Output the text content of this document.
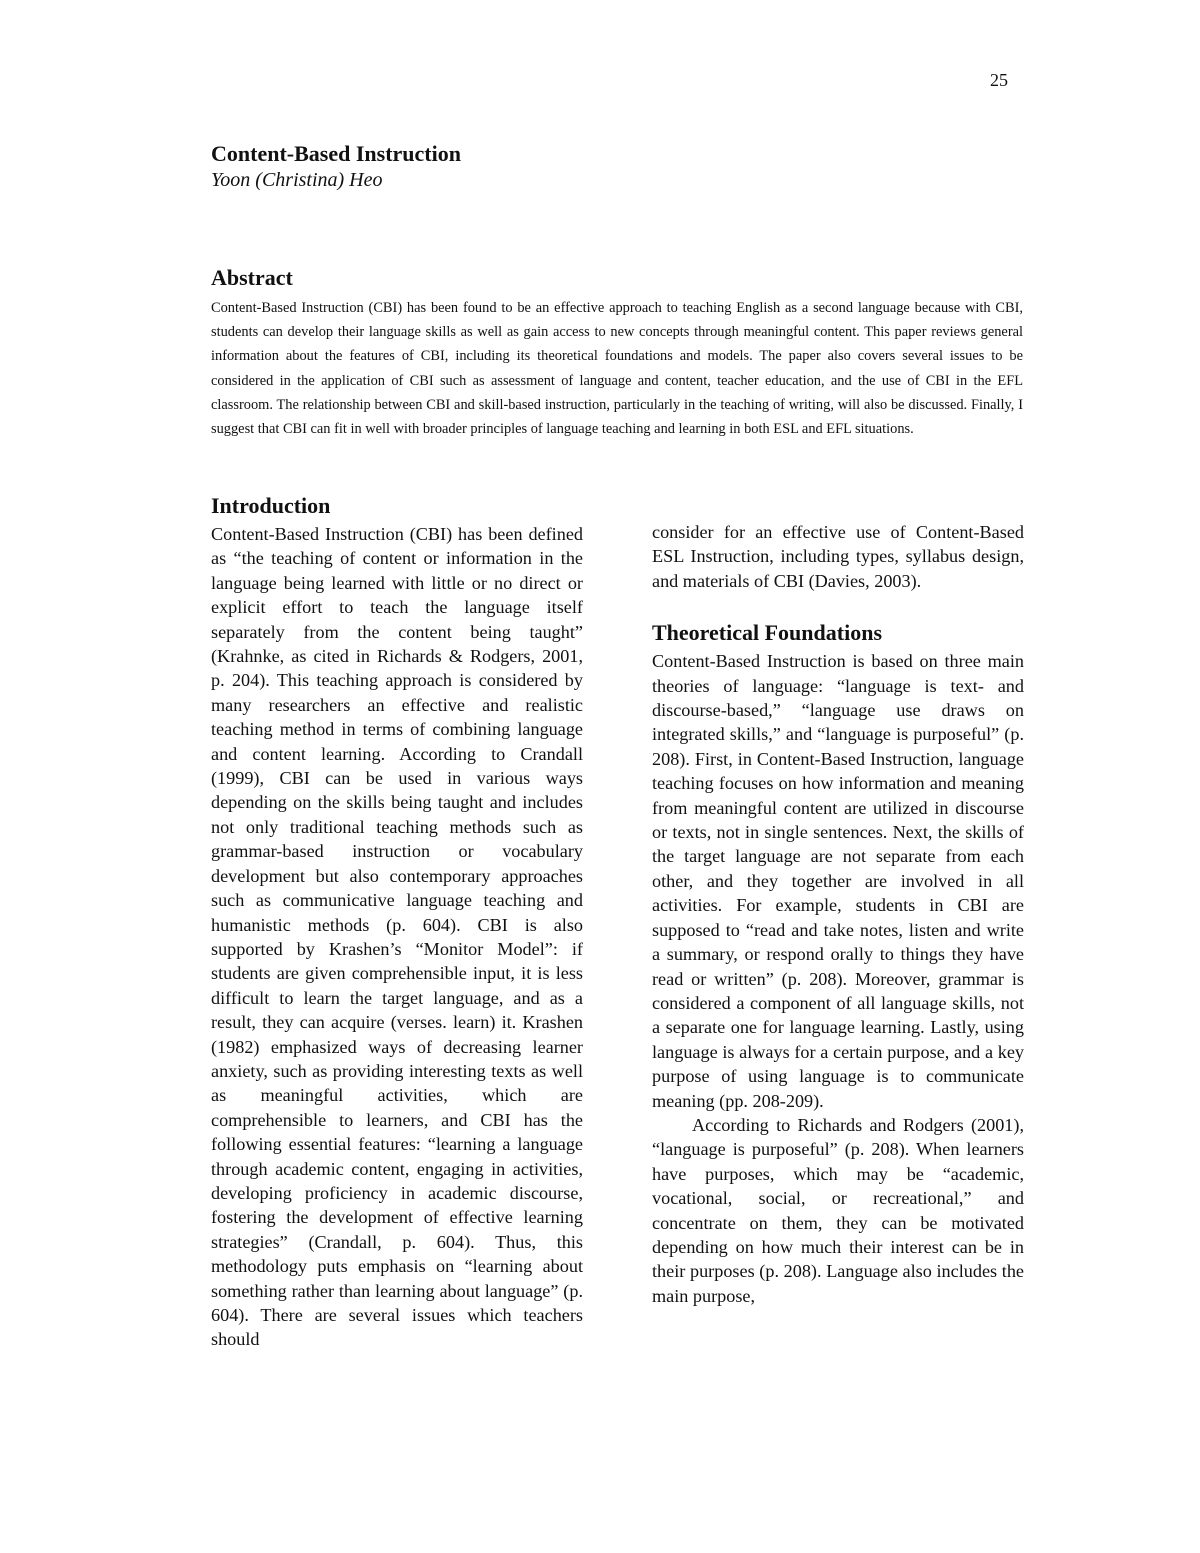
25
Content-Based Instruction
Yoon (Christina) Heo
Abstract

Content-Based Instruction (CBI) has been found to be an effective approach to teaching English as a second language because with CBI, students can develop their language skills as well as gain access to new concepts through meaningful content. This paper reviews general information about the features of CBI, including its theoretical foundations and models. The paper also covers several issues to be considered in the application of CBI such as assessment of language and content, teacher education, and the use of CBI in the EFL classroom. The relationship between CBI and skill-based instruction, particularly in the teaching of writing, will also be discussed. Finally, I suggest that CBI can fit in well with broader principles of language teaching and learning in both ESL and EFL situations.

Introduction

Content-Based Instruction (CBI) has been defined as “the teaching of content or information in the language being learned with little or no direct or explicit effort to teach the language itself separately from the content being taught” (Krahnke, as cited in Richards & Rodgers, 2001, p. 204). This teaching approach is considered by many researchers an effective and realistic teaching method in terms of combining language and content learning. According to Crandall (1999), CBI can be used in various ways depending on the skills being taught and includes not only traditional teaching methods such as grammar-based instruction or vocabulary development but also contemporary approaches such as communicative language teaching and humanistic methods (p. 604). CBI is also supported by Krashen’s “Monitor Model”: if students are given comprehensible input, it is less difficult to learn the target language, and as a result, they can acquire (verses. learn) it. Krashen (1982) emphasized ways of decreasing learner anxiety, such as providing interesting texts as well as meaningful activities, which are comprehensible to learners, and CBI has the following essential features: “learning a language through academic content, engaging in activities, developing proficiency in academic discourse, fostering the development of effective learning strategies” (Crandall, p. 604). Thus, this methodology puts emphasis on “learning about something rather than learning about language” (p. 604). There are several issues which teachers should

consider for an effective use of Content-Based ESL Instruction, including types, syllabus design, and materials of CBI (Davies, 2003).

Theoretical Foundations

Content-Based Instruction is based on three main theories of language: “language is text- and discourse-based,” “language use draws on integrated skills,” and “language is purposeful” (p. 208). First, in Content-Based Instruction, language teaching focuses on how information and meaning from meaningful content are utilized in discourse or texts, not in single sentences. Next, the skills of the target language are not separate from each other, and they together are involved in all activities. For example, students in CBI are supposed to “read and take notes, listen and write a summary, or respond orally to things they have read or written” (p. 208). Moreover, grammar is considered a component of all language skills, not a separate one for language learning. Lastly, using language is always for a certain purpose, and a key purpose of using language is to communicate meaning (pp. 208-209).

According to Richards and Rodgers (2001), “language is purposeful” (p. 208). When learners have purposes, which may be “academic, vocational, social, or recreational,” and concentrate on them, they can be motivated depending on how much their interest can be in their purposes (p. 208). Language also includes the main purpose,
